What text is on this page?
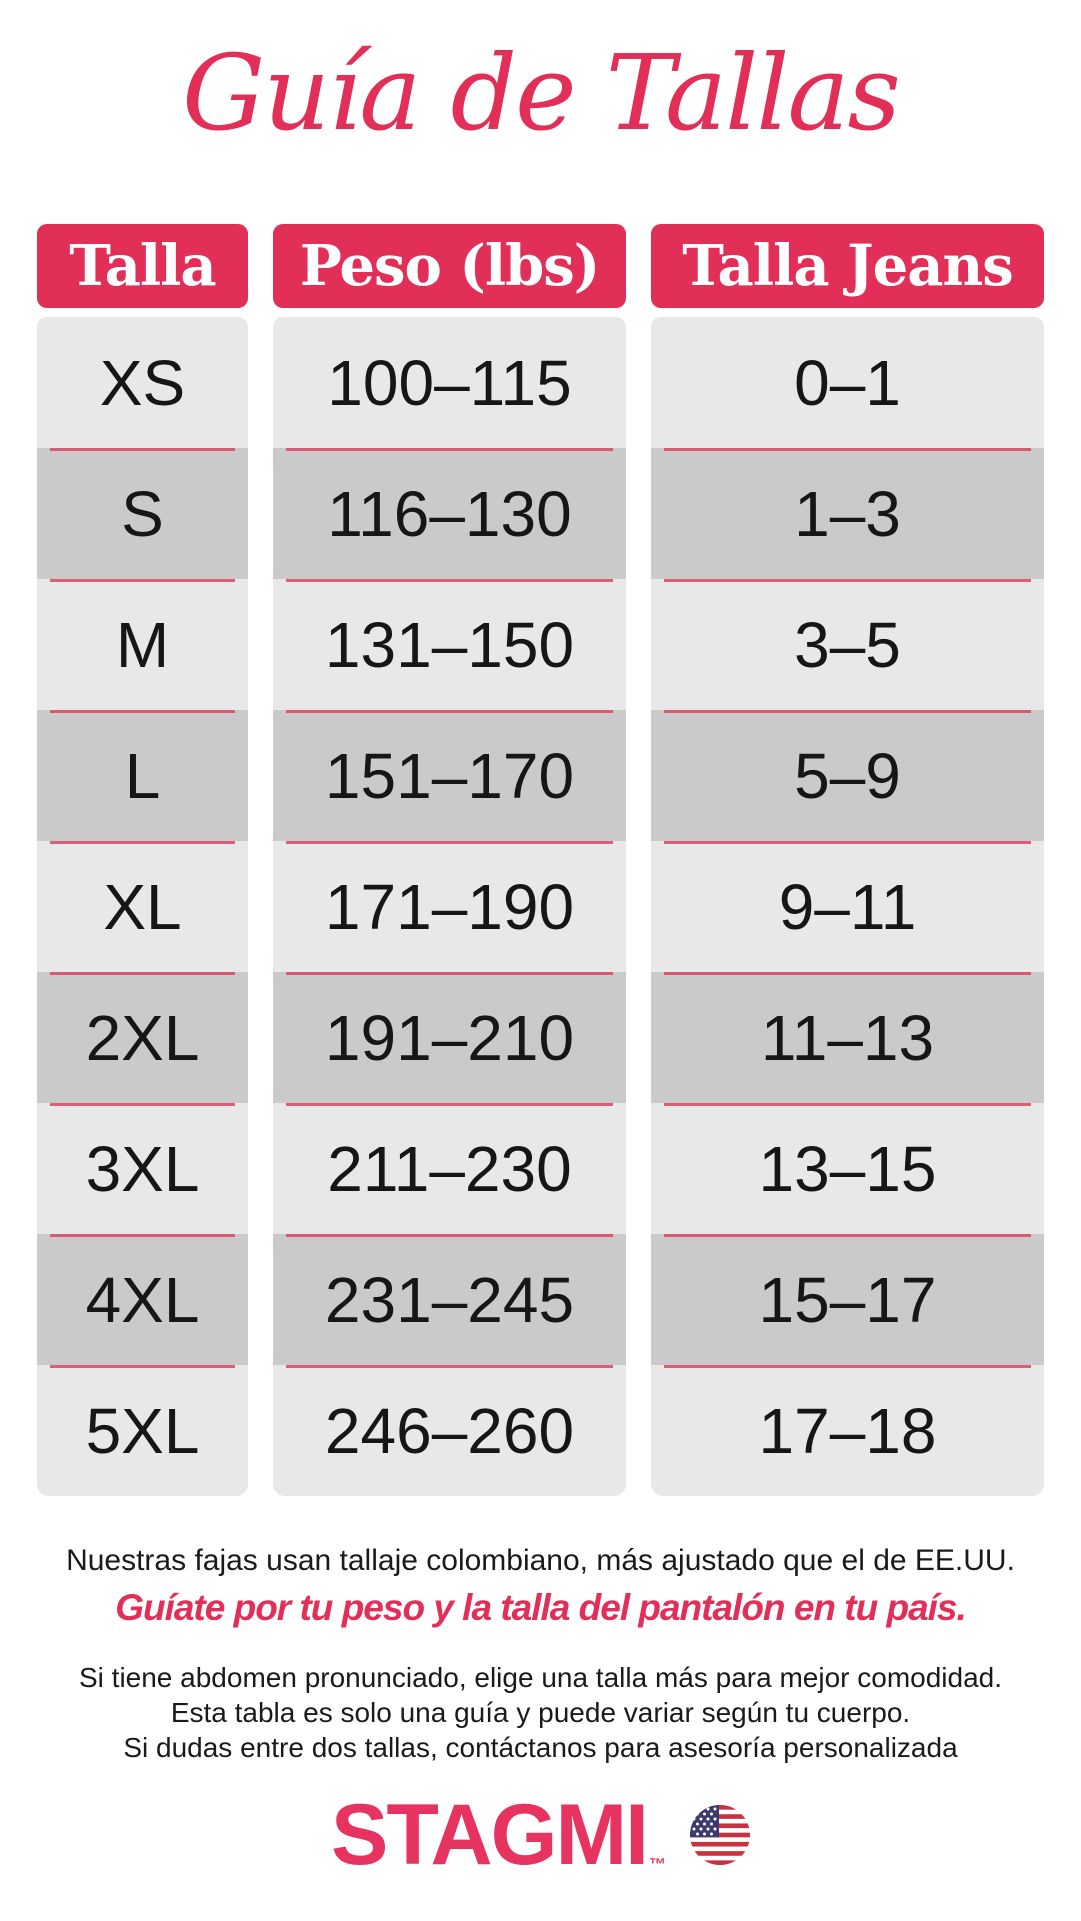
Guía de Tallas
Talla
XS
S
M
L
XL
2XL
3XL
4XL
5XL
Peso (lbs)
100–115
116–130
131–150
151–170
171–190
191–210
211–230
231–245
246–260
Talla Jeans
0–1
1–3
3–5
5–9
9–11
11–13
13–15
15–17
17–18

Nuestras fajas usan tallaje colombiano, más ajustado que el de EE.UU.

Guíate por tu peso y la talla del pantalón en tu país.

Si tiene abdomen pronunciado, elige una talla más para mejor comodidad.

Esta tabla es solo una guía y puede variar según tu cuerpo.

Si dudas entre dos tallas, contáctanos para asesoría personalizada

STAGMI ™
